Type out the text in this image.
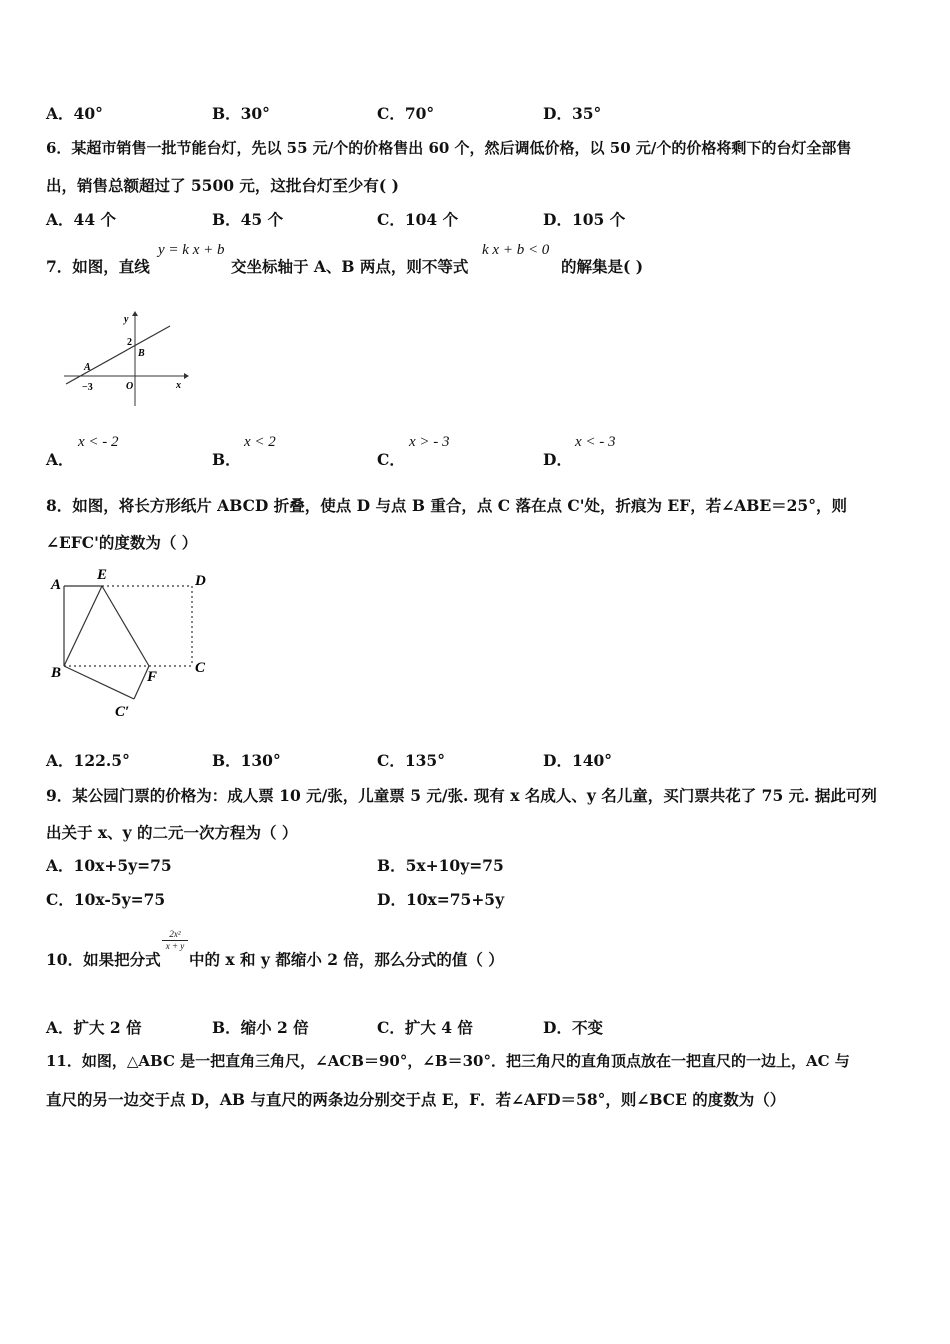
A．40°	B．30°	C．70°	D．35°
6．某超市销售一批节能台灯，先以 55 元/个的价格售出 60 个，然后调低价格，以 50 元/个的价格将剩下的台灯全部售
出，销售总额超过了 5500 元，这批台灯至少有( )
A．44 个	B．45 个	C．104 个	D．105 个
7．如图，直线
y = k x + b
交坐标轴于 A、B 两点，则不等式
k x + b < 0
的解集是( )
y
x
2
B
A
−3	O
A．
x < - 2
B．
x < 2
C．
x > - 3
D．
x < - 3
8．如图，将长方形纸片 ABCD 折叠，使点 D 与点 B 重合，点 C 落在点 C'处，折痕为 EF，若∠ABE＝25°，则
∠EFC'的度数为（ ）
A
E	D
B	F
C
C′
A．122.5°	B．130°	C．135°	D．140°
9．某公园门票的价格为：成人票 10 元/张，儿童票 5 元/张. 现有 x 名成人、y 名儿童，买门票共花了 75 元. 据此可列
出关于 x、y 的二元一次方程为（ ）
A．10x+5y=75	B．5x+10y=75
C．10x-5y=75	D．10x=75+5y
10．如果把分式
$\frac{\text{2x²}}{x + y}$
中的 x 和 y 都缩小 2 倍，那么分式的值（ ）
A．扩大 2 倍	B．缩小 2 倍	C．扩大 4 倍	D．不变
11．如图，△ABC 是一把直角三角尺，∠ACB＝90°，∠B＝30°．把三角尺的直角顶点放在一把直尺的一边上，AC 与
直尺的另一边交于点 D，AB 与直尺的两条边分别交于点 E，F．若∠AFD＝58°，则∠BCE 的度数为（）
